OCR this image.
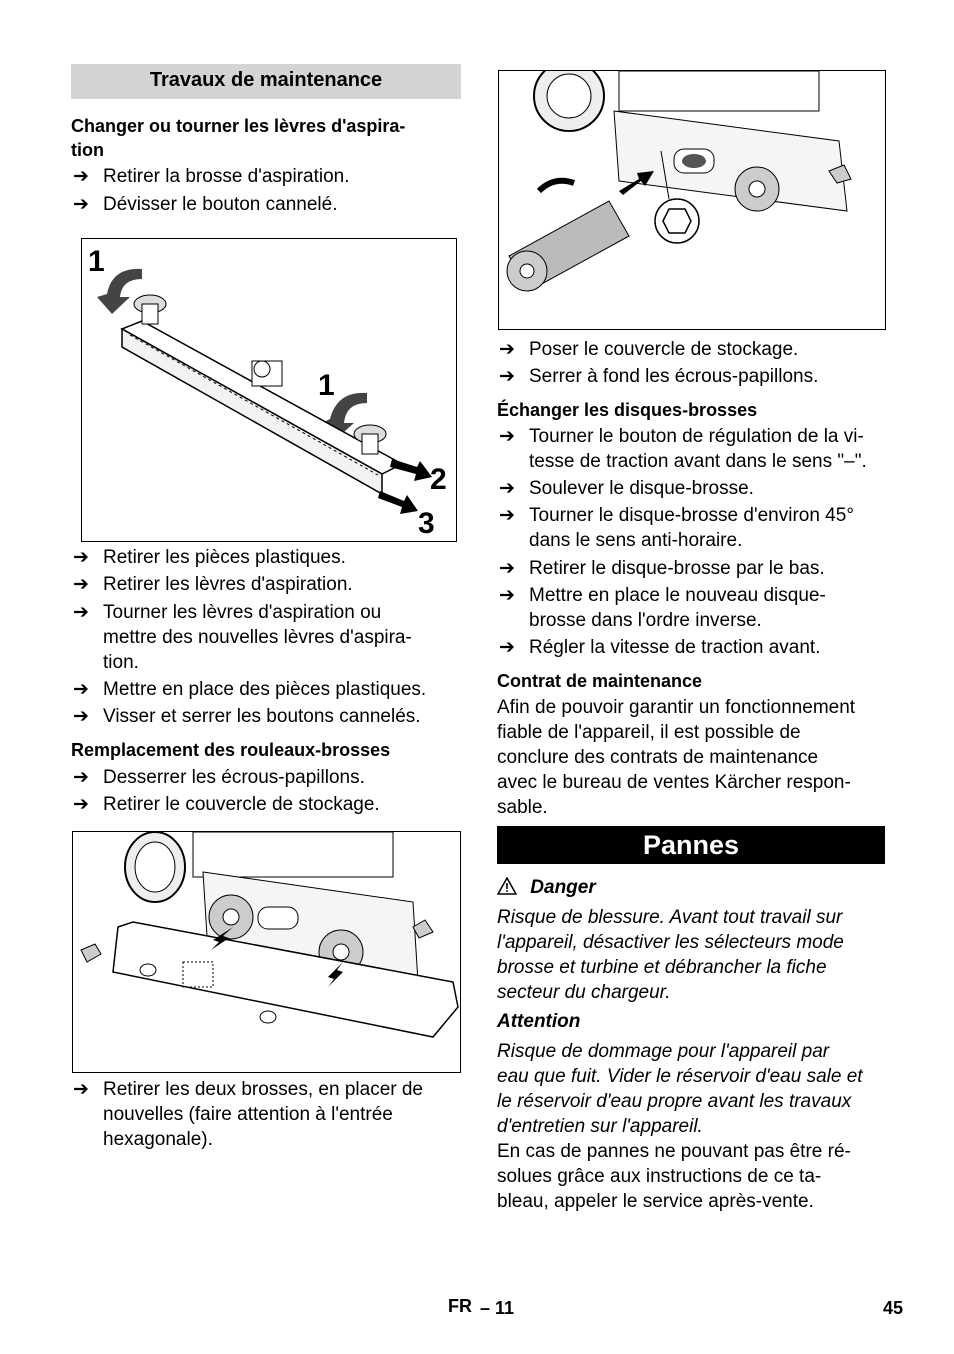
Travaux de maintenance
Changer ou tourner les lèvres d'aspira-
tion
➔ Retirer la brosse d'aspiration.
➔ Dévisser le bouton cannelé.
1
1
2
3
➔ Retirer les pièces plastiques.
➔ Retirer les lèvres d'aspiration.
➔ Tourner les lèvres d'aspiration ou
mettre des nouvelles lèvres d'aspira-
tion.
➔ Mettre en place des pièces plastiques.
➔ Visser et serrer les boutons cannelés.
Remplacement des rouleaux-brosses
➔ Desserrer les écrous-papillons.
➔ Retirer le couvercle de stockage.
➔ Retirer les deux brosses, en placer de
nouvelles (faire attention à l'entrée
hexagonale).
➔ Poser le couvercle de stockage.
➔ Serrer à fond les écrous-papillons.
Échanger les disques-brosses
➔ Tourner le bouton de régulation de la vi-
tesse de traction avant dans le sens "–".
➔ Soulever le disque-brosse.
➔ Tourner le disque-brosse d'environ 45°
dans le sens anti-horaire.
➔ Retirer le disque-brosse par le bas.
➔ Mettre en place le nouveau disque-
brosse dans l'ordre inverse.
➔ Régler la vitesse de traction avant.
Contrat de maintenance
Afin de pouvoir garantir un fonctionnement
fiable de l'appareil, il est possible de
conclure des contrats de maintenance
avec le bureau de ventes Kärcher respon-
sable.
Pannes
Danger
Risque de blessure. Avant tout travail sur
l'appareil, désactiver les sélecteurs mode
brosse et turbine et débrancher la fiche
secteur du chargeur.
Attention
Risque de dommage pour l'appareil par
eau que fuit. Vider le réservoir d'eau sale et
le réservoir d'eau propre avant les travaux
d'entretien sur l'appareil.
En cas de pannes ne pouvant pas être ré-
solues grâce aux instructions de ce ta-
bleau, appeler le service après-vente.
FR – 11	45
